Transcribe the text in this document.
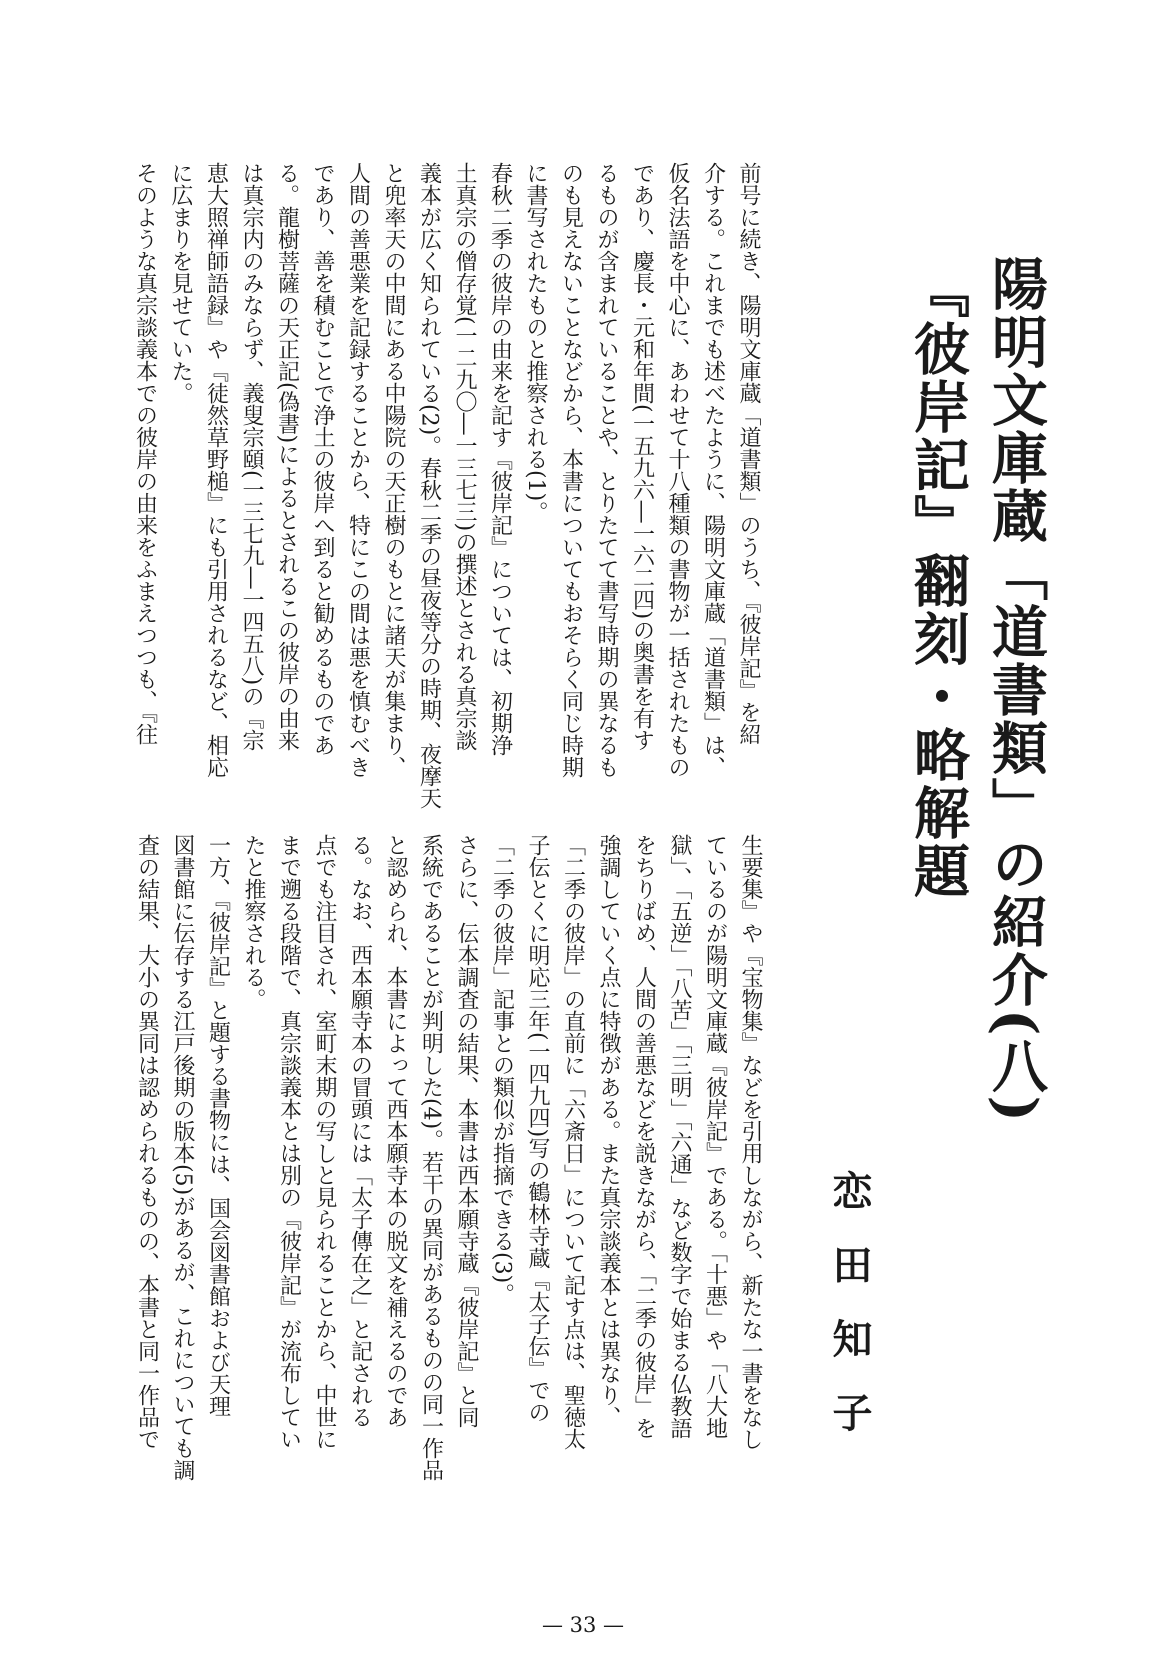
陽明文庫蔵「道書類」の紹介(八)
『彼岸記』翻刻・略解題
恋田知子
前号に続き、陽明文庫蔵「道書類」のうち、『彼岸記』を紹
介する。これまでも述べたように、陽明文庫蔵「道書類」は、
仮名法語を中心に、あわせて十八種類の書物が一括されたもの
であり、慶長・元和年間(一五九六―一六二四)の奥書を有す
るものが含まれていることや、とりたてて書写時期の異なるも
のも見えないことなどから、本書についてもおそらく同じ時期
に書写されたものと推察される(1)。
春秋二季の彼岸の由来を記す『彼岸記』については、初期浄
土真宗の僧存覚(一二九〇―一三七三)の撰述とされる真宗談
義本が広く知られている(2)。春秋二季の昼夜等分の時期、夜摩天
と兜率天の中間にある中陽院の天正樹のもとに諸天が集まり、
人間の善悪業を記録することから、特にこの間は悪を慎むべき
であり、善を積むことで浄土の彼岸へ到ると勧めるものであ
る。龍樹菩薩の天正記(偽書)によるとされるこの彼岸の由来
は真宗内のみならず、義叟宗頤(一三七九―一四五八)の『宗
恵大照禅師語録』や『徒然草野槌』にも引用されるなど、相応
に広まりを見せていた。
そのような真宗談義本での彼岸の由来をふまえつつも、『往
生要集』や『宝物集』などを引用しながら、新たな一書をなし
ているのが陽明文庫蔵『彼岸記』である。「十悪」や「八大地
獄」、「五逆」「八苦」「三明」「六通」など数字で始まる仏教語
をちりばめ、人間の善悪などを説きながら、「二季の彼岸」を
強調していく点に特徴がある。また真宗談義本とは異なり、
「二季の彼岸」の直前に「六斎日」について記す点は、聖徳太
子伝とくに明応三年(一四九四)写の鶴林寺蔵『太子伝』での
「二季の彼岸」記事との類似が指摘できる(3)。
さらに、伝本調査の結果、本書は西本願寺蔵『彼岸記』と同
系統であることが判明した(4)。若干の異同があるものの同一作品
と認められ、本書によって西本願寺本の脱文を補えるのであ
る。なお、西本願寺本の冒頭には「太子傳在之」と記される
点でも注目され、室町末期の写しと見られることから、中世に
まで遡る段階で、真宗談義本とは別の『彼岸記』が流布してい
たと推察される。
一方、『彼岸記』と題する書物には、国会図書館および天理
図書館に伝存する江戸後期の版本(5)があるが、これについても調
査の結果、大小の異同は認められるものの、本書と同一作品で
— 33 —
